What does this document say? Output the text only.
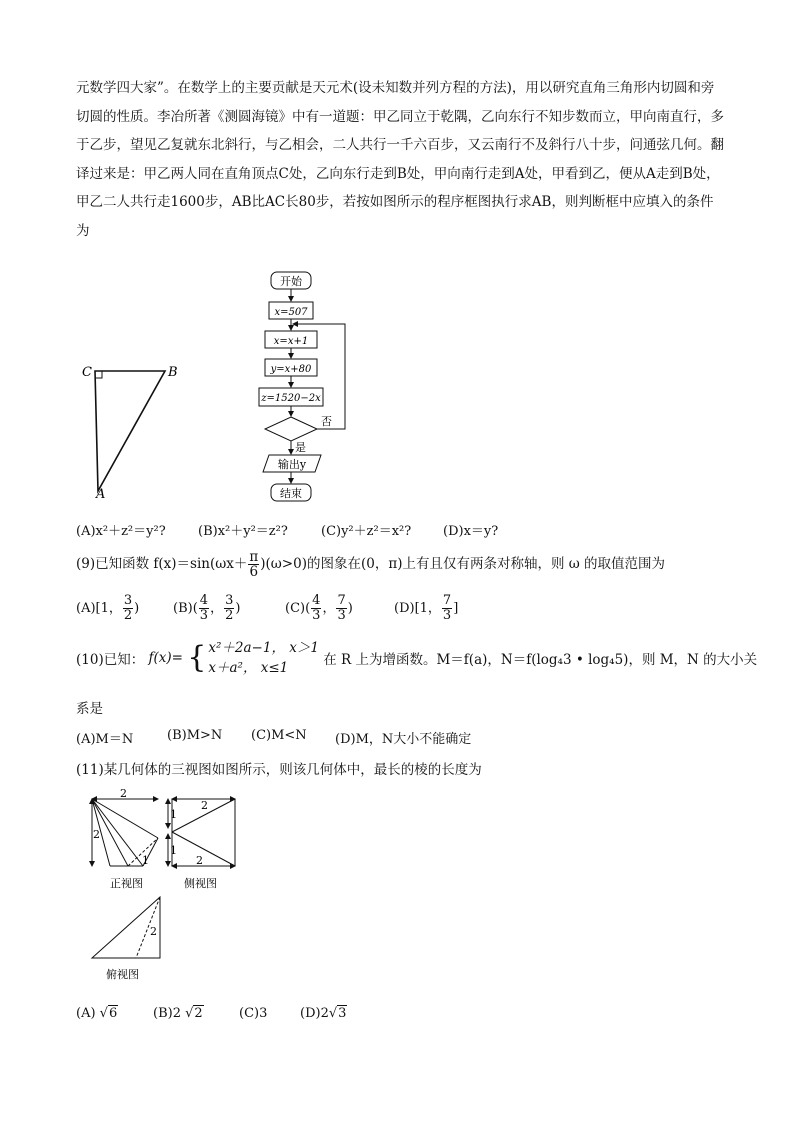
元数学四大家”。在数学上的主要贡献是天元术(设未知数并列方程的方法)，用以研究直角三角形内切圆和旁切圆的性质。李冶所著《测圆海镜》中有一道题：甲乙同立于乾隅，乙向东行不知步数而立，甲向南直行，多于乙步，望见乙复就东北斜行，与乙相会，二人共行一千六百步，又云南行不及斜行八十步，问通弦几何。翻译过来是：甲乙两人同在直角顶点C处，乙向东行走到B处，甲向南行走到A处，甲看到乙，便从A走到B处，甲乙二人共行走1600步，AB比AC长80步，若按如图所示的程序框图执行求AB，则判断框中应填入的条件为
C	B
A
开始
x=507
x=x+1
y=x+80
z=1520−2x
否
是
输出y
结束
(A)x²＋z²＝y²? (B)x²＋y²＝z²?	(C)y²＋z²＝x²? (D)x＝y?
(9)已知函数 $f(x)=\sin(\omega x+ \frac{\pi}{6} )(\omega>0)$的图象在(0，π)上有且仅有两条对称轴，则 ω 的取值范围为
(A)[1， $\frac{3}{2}$ )	$(B)( \frac{4}{3}$ ， $\frac{3}{2}$ )	$(C)( \frac{4}{3}$ ， $\frac{7}{3}$ )	(D)[1， $\frac{7}{3}$ ]
(10)已知： f(x)= { x²＋2a−1， x＞1
x＋a²， x≤1	在 R 上为增函数。M＝f(a)，N＝f(log₄3 • log₄5)，则 M，N 的大小关
系是
(A)M＝N	(B)M>N (C)M<N (D)M，N大小不能确定
(11)某几何体的三视图如图所示，则该几何体中，最长的棱的长度为
2
2
1
正视图
2
1
1
2
侧视图
2
俯视图
(A) √6	(B)2 √2	(C)3	(D)2√3
